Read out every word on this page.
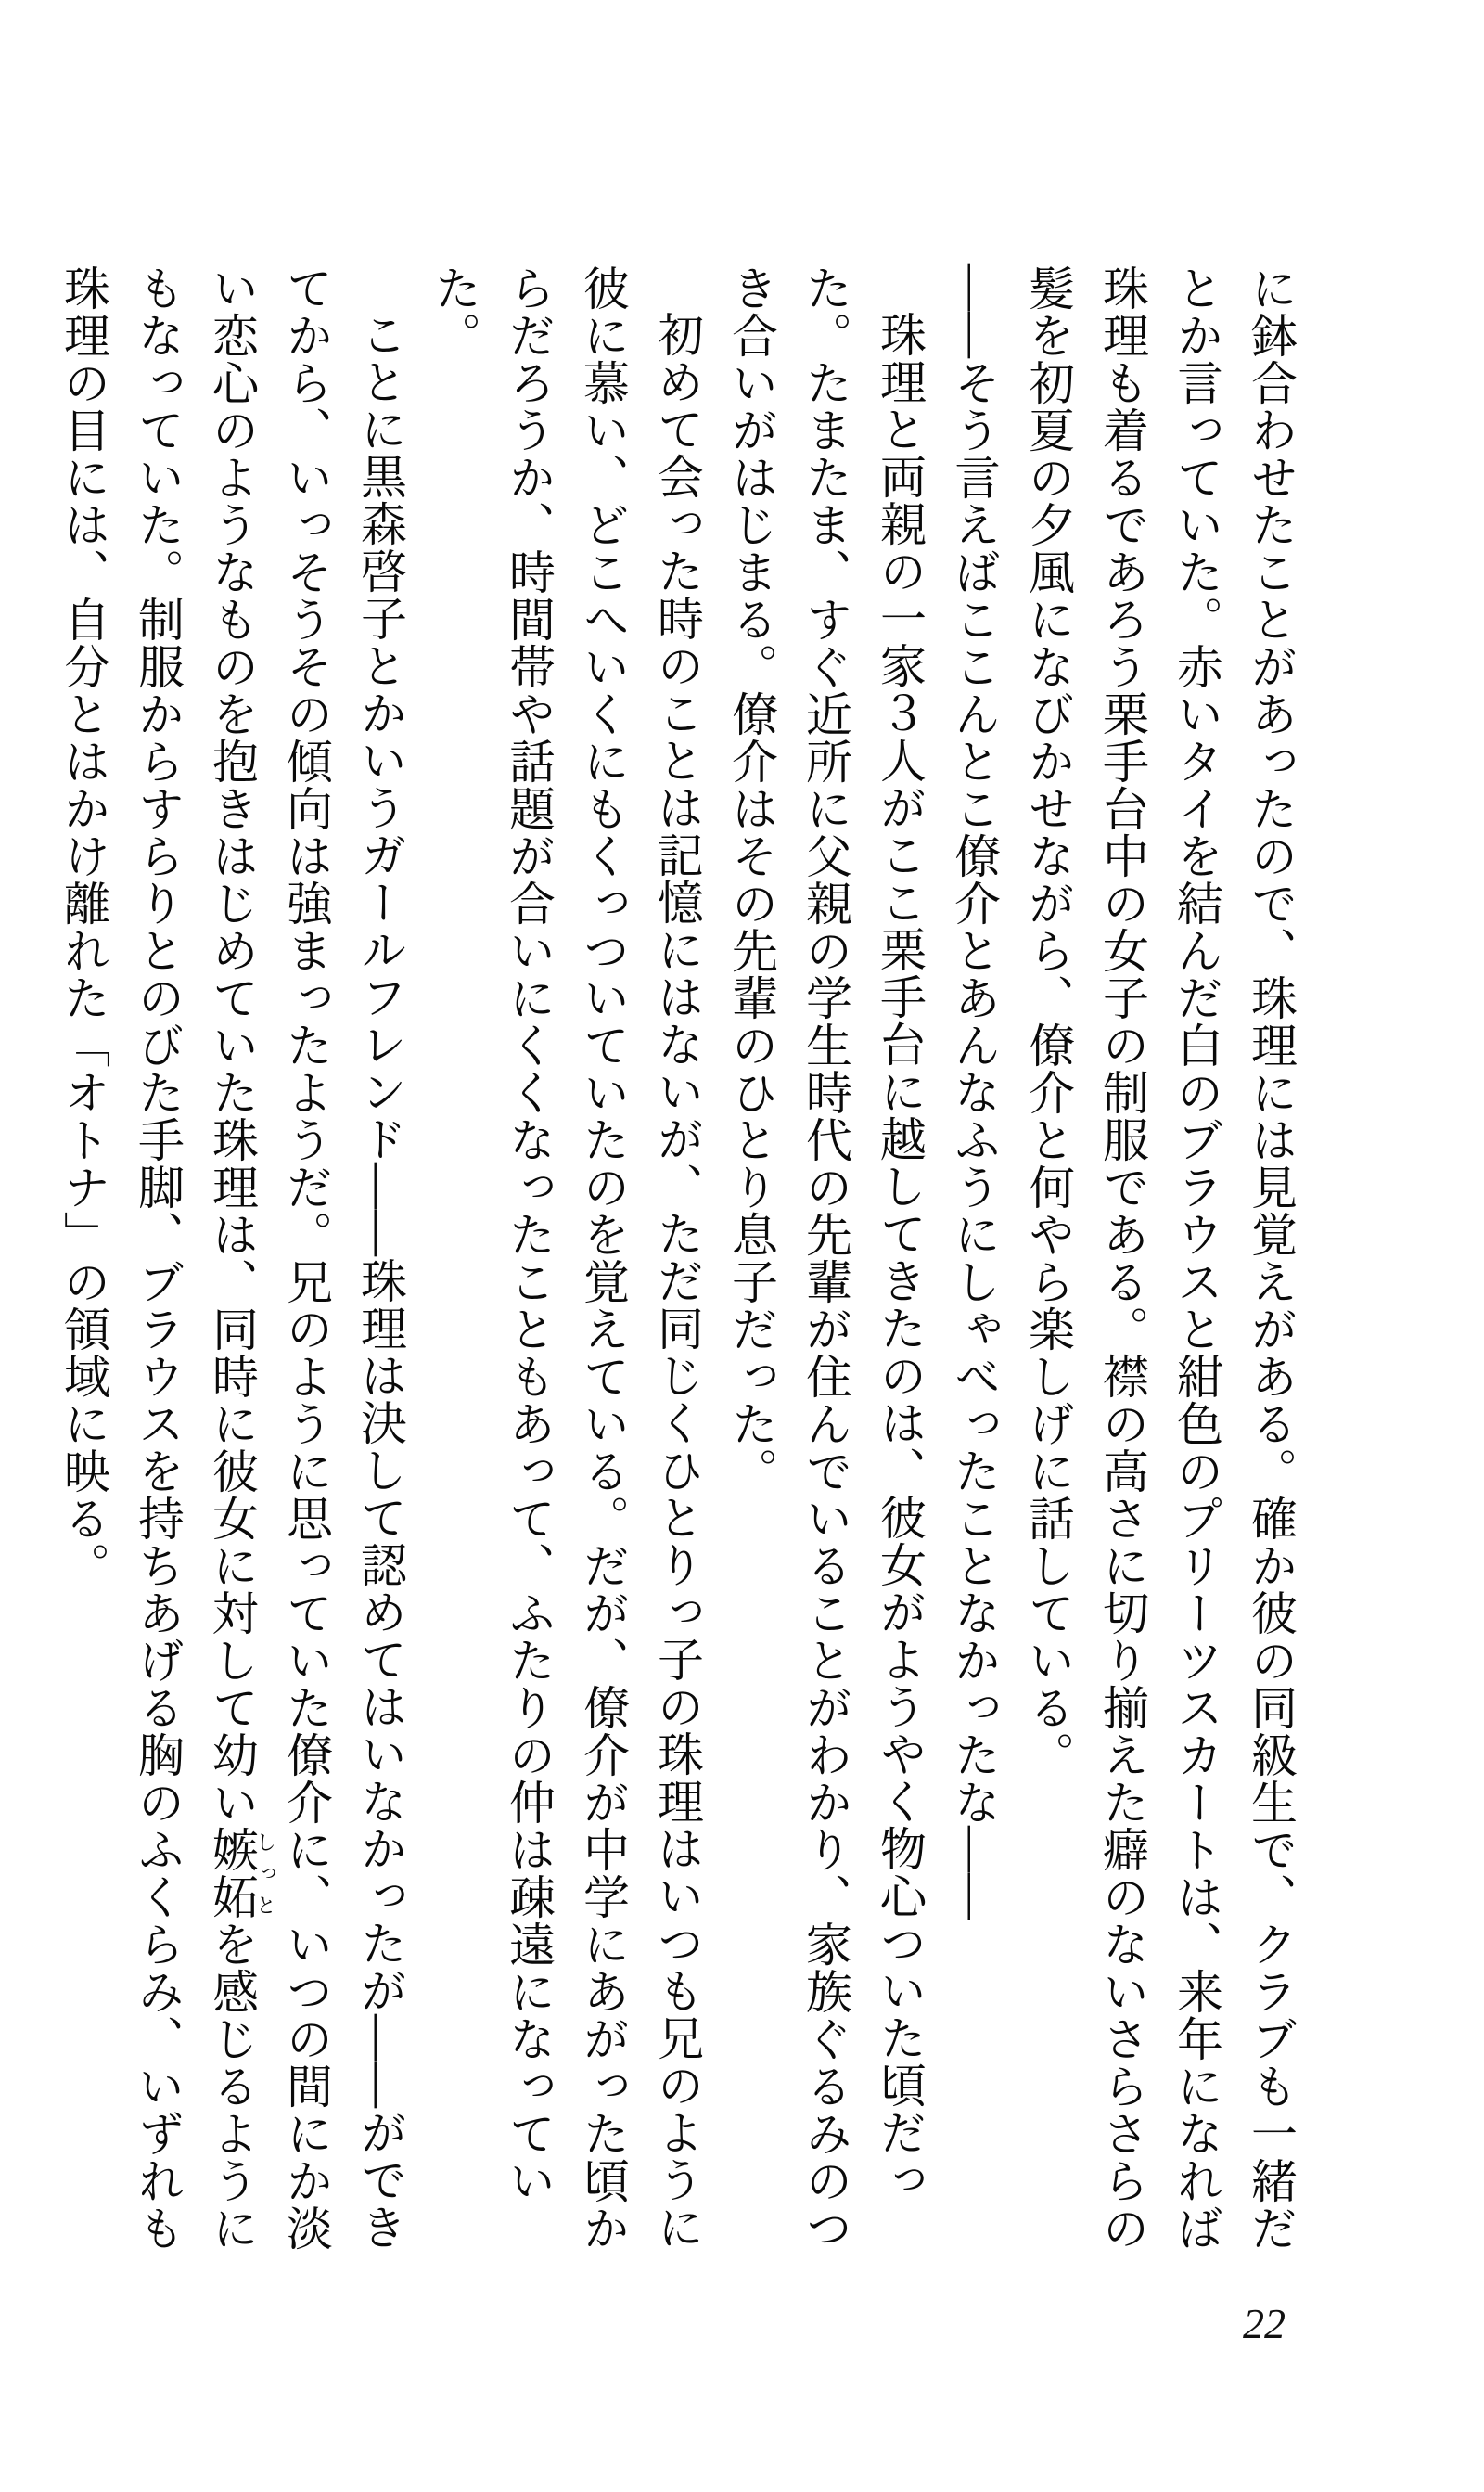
に鉢合わせたことがあったので、珠理には見覚えがある。確か彼の同級生で、クラブも一緒だとか言っていた。赤いタイを結んだ白のブラウスと紺色のプリーツスカートは、来年になれば珠理も着るであろう栗手台中の女子の制服である。襟の高さに切り揃えた癖のないさらさらの髪を初夏の夕風になびかせながら、僚介と何やら楽しげに話している。

――そう言えばここんとこ僚介とあんなふうにしゃべったことなかったな――

珠理と両親の一家３人がここ栗手台に越してきたのは、彼女がようやく物心ついた頃だった。たまたま、すぐ近所に父親の学生時代の先輩が住んでいることがわかり、家族ぐるみのつき合いがはじまる。僚介はその先輩のひとり息子だった。

初めて会った時のことは記憶にはないが、ただ同じくひとりっ子の珠理はいつも兄のように彼に慕い、どこへいくにもくっついていたのを覚えている。だが、僚介が中学にあがった頃からだろうか、時間帯や話題が合いにくくなったこともあって、ふたりの仲は疎遠になっていた。

ことに黒森啓子とかいうガールフレンド――珠理は決して認めてはいなかったが――ができてから、いっそうその傾向は強まったようだ。兄のように思っていた僚介に、いつの間にか淡い恋心のようなものを抱きはじめていた珠理は、同時に彼女に対して幼い嫉妬しっとを感じるようにもなっていた。制服からすらりとのびた手脚、ブラウスを持ちあげる胸のふくらみ、いずれも珠理の目には、自分とはかけ離れた「オトナ」の領域に映る。

22
